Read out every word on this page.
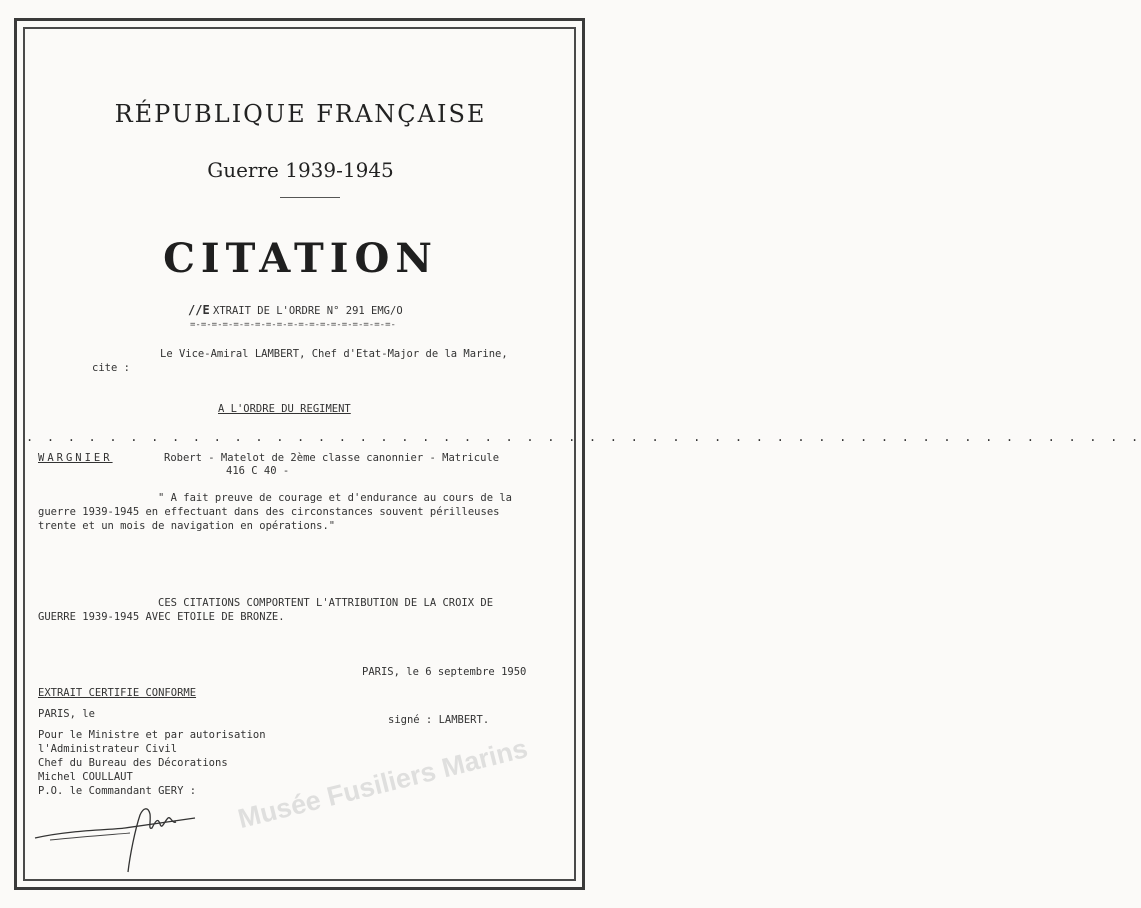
RÉPUBLIQUE FRANÇAISE
Guerre 1939-1945
CITATION
//E XTRAIT DE L'ORDRE N° 291 EMG/O
=-=-=-=-=-=-=-=-=-=-=-=-=-=-=-=-=-=-=-
Le Vice-Amiral LAMBERT, Chef d'Etat-Major de la Marine,
cite :
A L'ORDRE DU REGIMENT
. . . . . . . . . . . . . . . . . . . . . . . . . . . . . . . . . . . . . . . . . . . . . . . . . . . . . .
WARGNIER	Robert - Matelot de 2ème classe canonnier - Matricule
416 C 40 -
" A fait preuve de courage et d'endurance au cours de la
guerre 1939-1945 en effectuant dans des circonstances souvent périlleuses
trente et un mois de navigation en opérations."
CES CITATIONS COMPORTENT L'ATTRIBUTION DE LA CROIX DE
GUERRE 1939-1945 AVEC ETOILE DE BRONZE.
PARIS, le 6 septembre 1950
EXTRAIT CERTIFIE CONFORME
PARIS, le	signé : LAMBERT.
Pour le Ministre et par autorisation
l'Administrateur Civil
Chef du Bureau des Décorations
Michel COULLAUT
P.O. le Commandant GERY : Musée Fusiliers Marins
